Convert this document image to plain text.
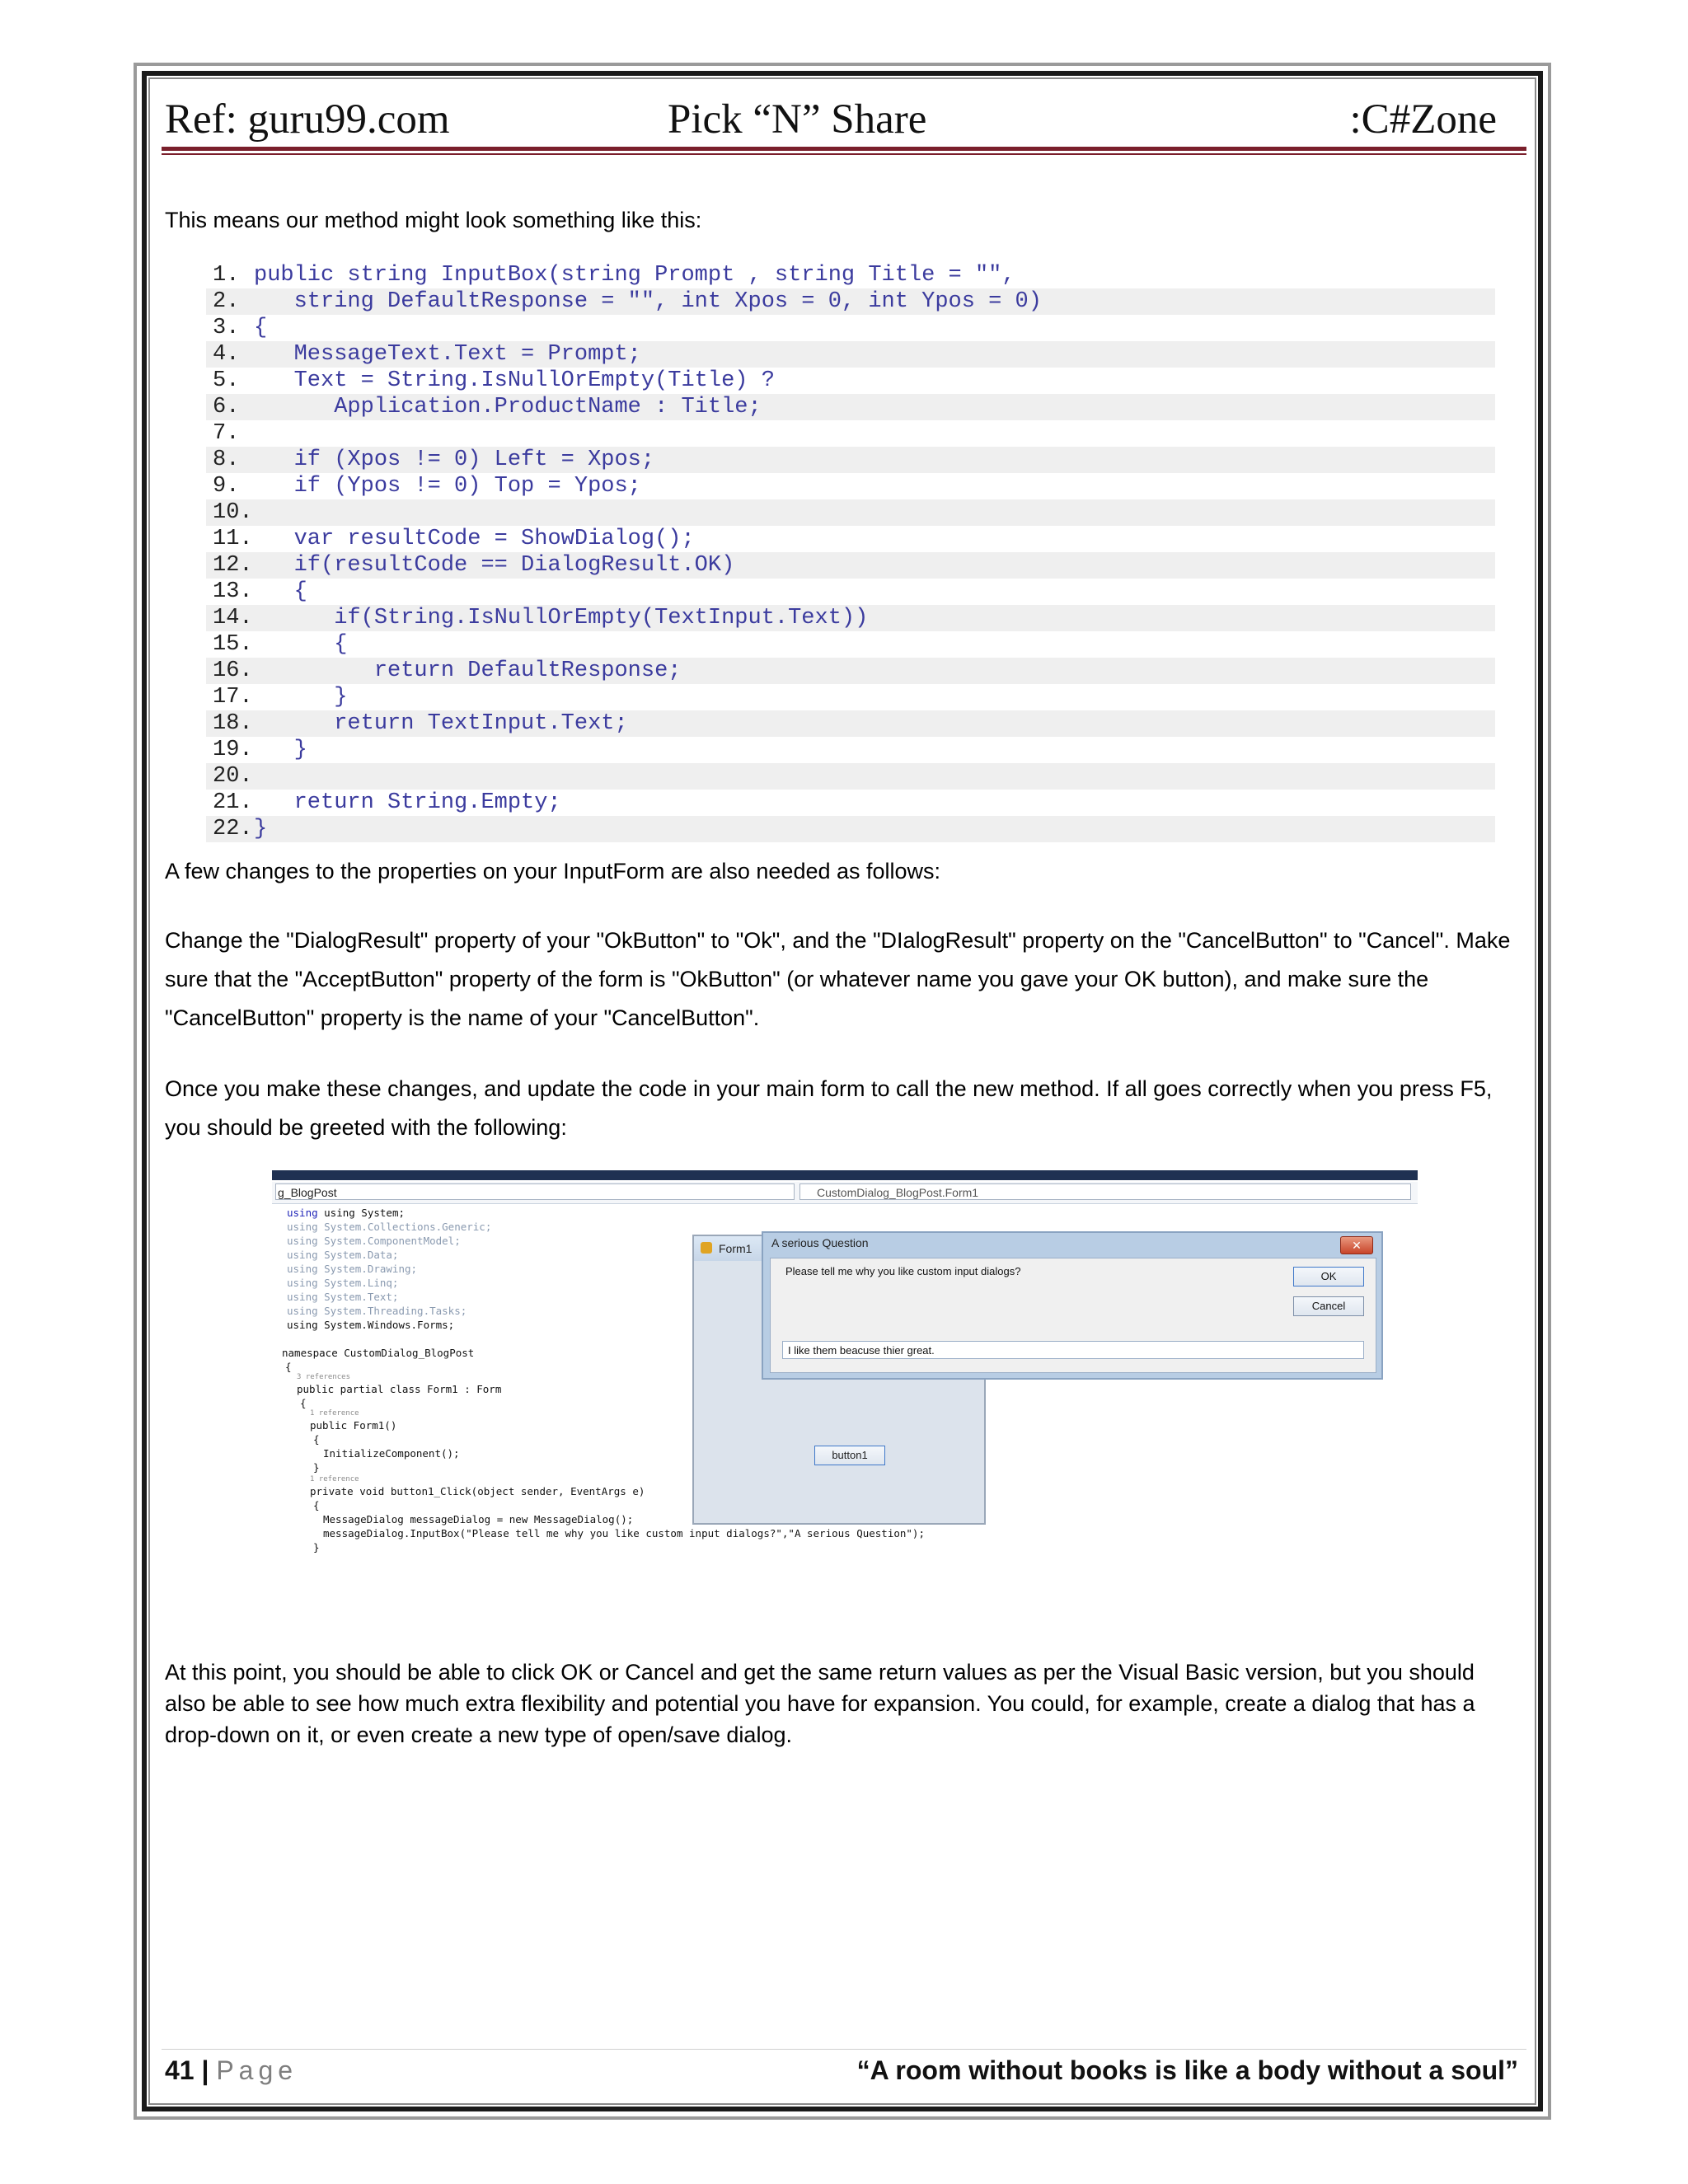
Ref: guru99.com	Pick “N” Share	:C#Zone
This means our method might look something like this:
1. public string InputBox(string Prompt , string Title = "",
2.   string DefaultResponse = "", int Xpos = 0, int Ypos = 0)
3. {
4.   MessageText.Text = Prompt;
5.   Text = String.IsNullOrEmpty(Title) ?
6.      Application.ProductName : Title;
7.
8.   if (Xpos != 0) Left = Xpos;
9.   if (Ypos != 0) Top = Ypos;
10.
11.   var resultCode = ShowDialog();
12.   if(resultCode == DialogResult.OK)
13.   {
14.      if(String.IsNullOrEmpty(TextInput.Text))
15.      {
16.         return DefaultResponse;
17.      }
18.      return TextInput.Text;
19.   }
20.
21.   return String.Empty;
22.}
A few changes to the properties on your InputForm are also needed as follows:
Change the "DialogResult" property of your "OkButton" to "Ok", and the "DIalogResult" property on the "CancelButton" to "Cancel". Make sure that the "AcceptButton" property of the form is "OkButton" (or whatever name you gave your OK button), and make sure the "CancelButton" property is the name of your "CancelButton".
Once you make these changes, and update the code in your main form to call the new method. If all goes correctly when you press F5, you should be greeted with the following:
g_BlogPost	CustomDialog_BlogPost.Form1
using using System;
using System.Collections.Generic;
using System.ComponentModel;
using System.Data;
using System.Drawing;
using System.Linq;
using System.Text;
using System.Threading.Tasks;
using System.Windows.Forms;
namespace CustomDialog_BlogPost
{
3 references
public partial class Form1 : Form
{
1 reference
public Form1()
{
InitializeComponent();
}
1 reference
private void button1_Click(object sender, EventArgs e)
{
MessageDialog messageDialog = new MessageDialog();
messageDialog.InputBox("Please tell me why you like custom input dialogs?","A serious Question");
}
Form1
button1
A serious Question	✕
Please tell me why you like custom input dialogs?	OK
Cancel
I like them beacuse thier great.
At this point, you should be able to click OK or Cancel and get the same return values as per the Visual Basic version, but you should also be able to see how much extra flexibility and potential you have for expansion. You could, for example, create a dialog that has a drop-down on it, or even create a new type of open/save dialog.
41 | Page	“A room without books is like a body without a soul”
